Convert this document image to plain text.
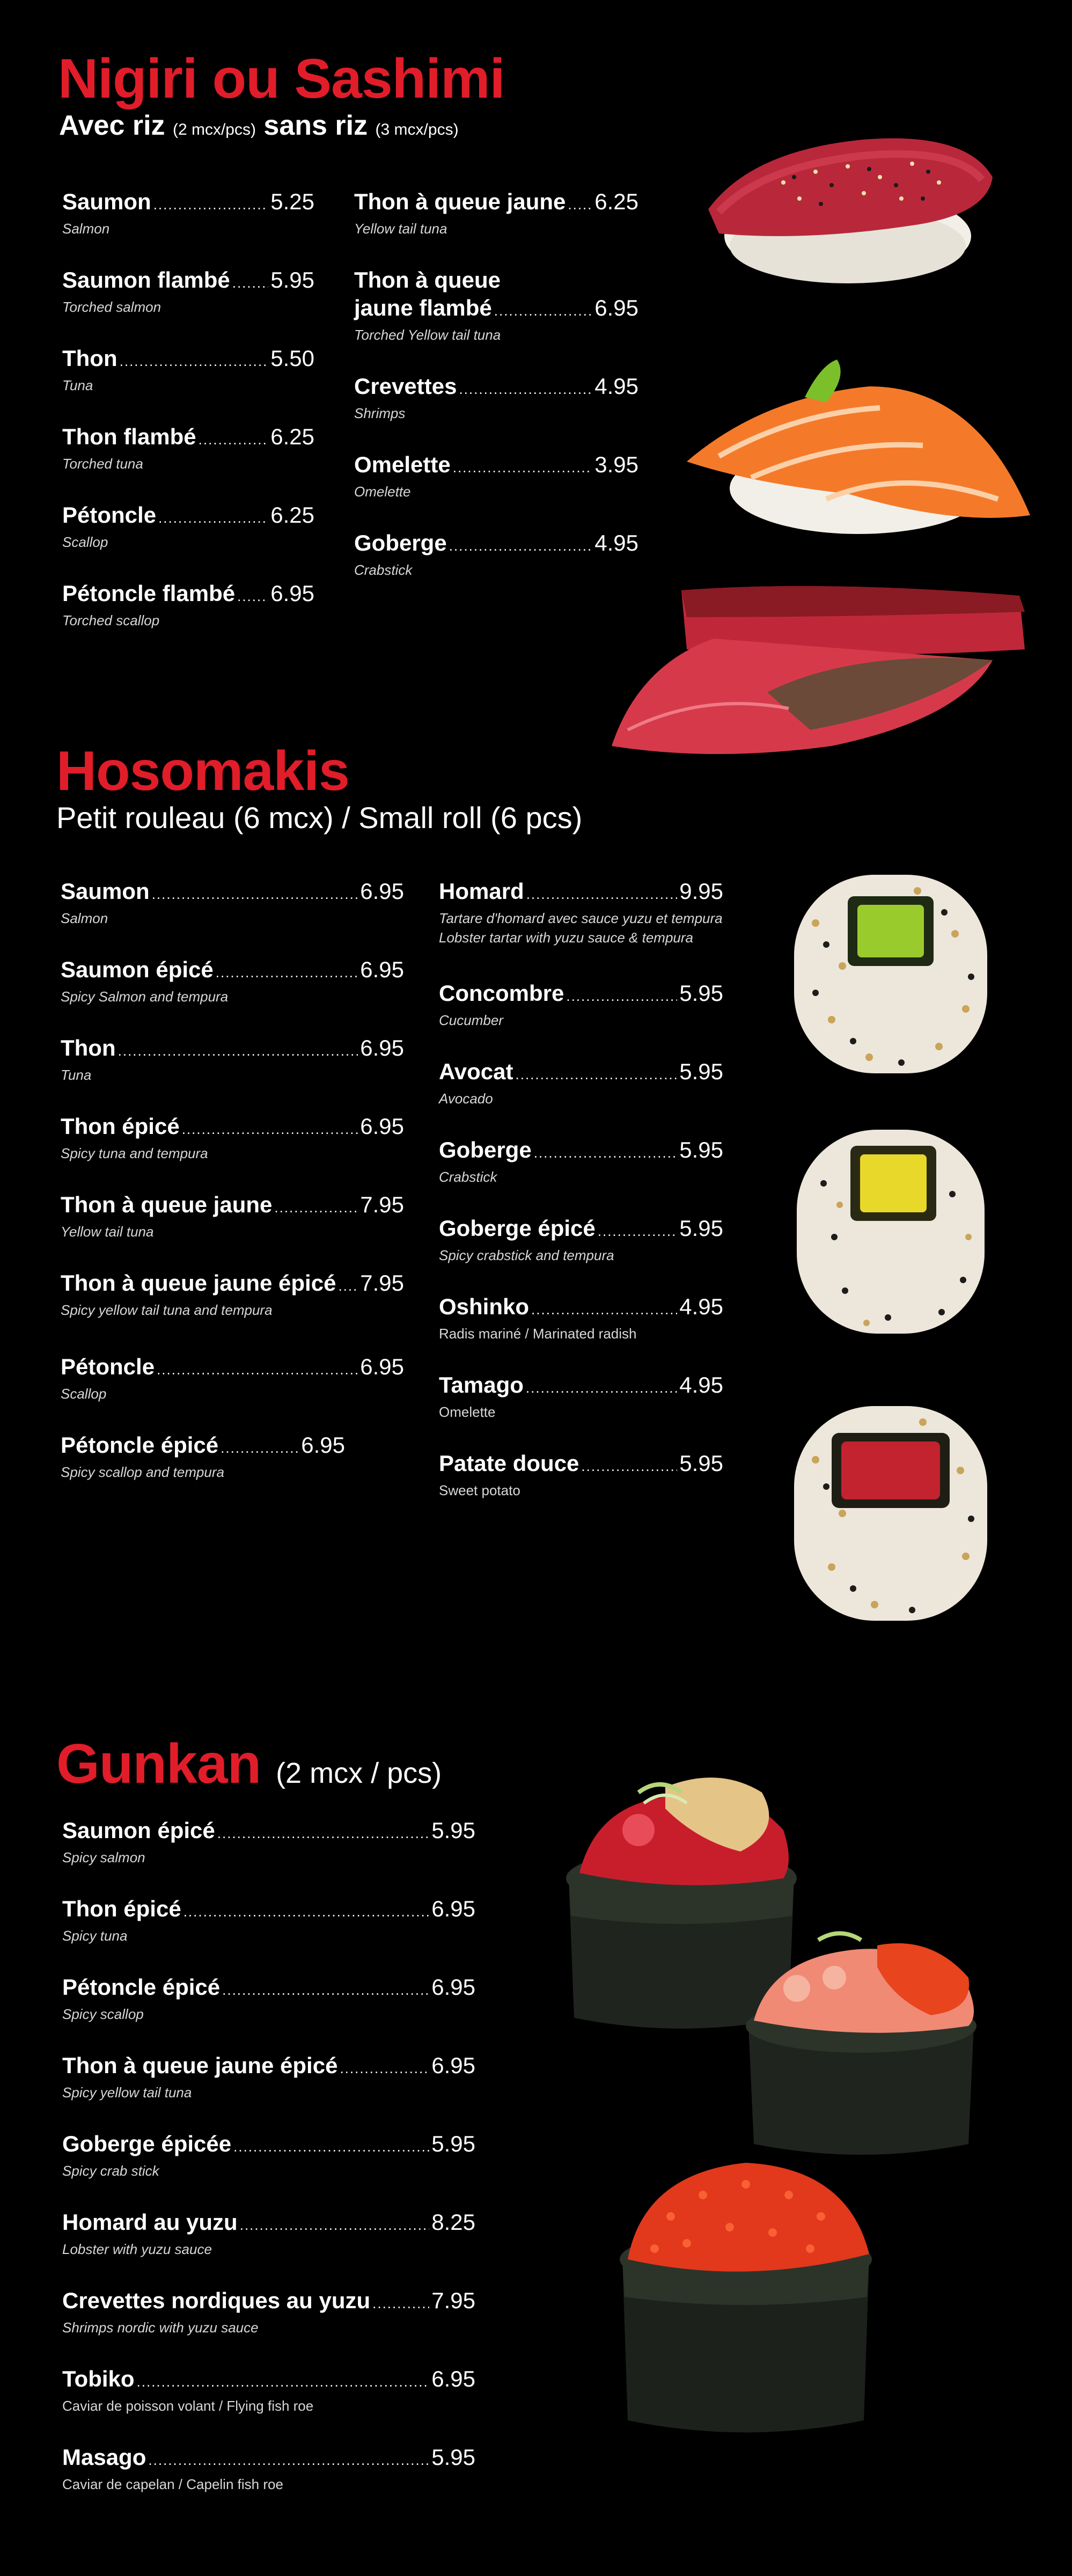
Nigiri ou Sashimi
Avec riz (2 mcx/pcs) sans riz (3 mcx/pcs)
Saumon .....	5.25
Salmon
Saumon flambé ..... 5.95
Torched salmon
Thon .....	5.50
Tuna
Thon flambé .....	6.25
Torched tuna
Pétoncle .....	6.25
Scallop
Pétoncle flambé ..... 6.95
Torched scallop
Thon à queue jaune ..... 6.25
Yellow tail tuna
Thon à queue
jaune flambé .....	6.95
Torched Yellow tail tuna
Crevettes .....	4.95
Shrimps
Omelette .....	3.95
Omelette
Goberge .....	4.95
Crabstick
Hosomakis
Petit rouleau (6 mcx) / Small roll (6 pcs)
Saumon .....	6.95
Salmon
Saumon épicé .....	6.95
Spicy Salmon and tempura
Thon .....	6.95
Tuna
Thon épicé .....	6.95
Spicy tuna and tempura
Thon à queue jaune .....	7.95
Yellow tail tuna
Thon à queue jaune épicé ..... 7.95
Spicy yellow tail tuna and tempura
Pétoncle .....	6.95
Scallop
Pétoncle épicé .....	6.95
Spicy scallop and tempura
Homard .....	9.95
Tartare d'homard avec sauce yuzu et tempura
Lobster tartar with yuzu sauce & tempura
Concombre .....	5.95
Cucumber
Avocat .....	5.95
Avocado
Goberge .....	5.95
Crabstick
Goberge épicé .....	5.95
Spicy crabstick and tempura
Oshinko .....	4.95
Radis mariné / Marinated radish
Tamago .....	4.95
Omelette
Patate douce .....	5.95
Sweet potato
Gunkan (2 mcx / pcs)
Saumon épicé .....	5.95
Spicy salmon
Thon épicé .....	6.95
Spicy tuna
Pétoncle épicé .....	6.95
Spicy scallop
Thon à queue jaune épicé .....	6.95
Spicy yellow tail tuna
Goberge épicée .....	5.95
Spicy crab stick
Homard au yuzu .....	8.25
Lobster with yuzu sauce
Crevettes nordiques au yuzu .....	7.95
Shrimps nordic with yuzu sauce
Tobiko .....	6.95
Caviar de poisson volant / Flying fish roe
Masago .....	5.95
Caviar de capelan / Capelin fish roe
